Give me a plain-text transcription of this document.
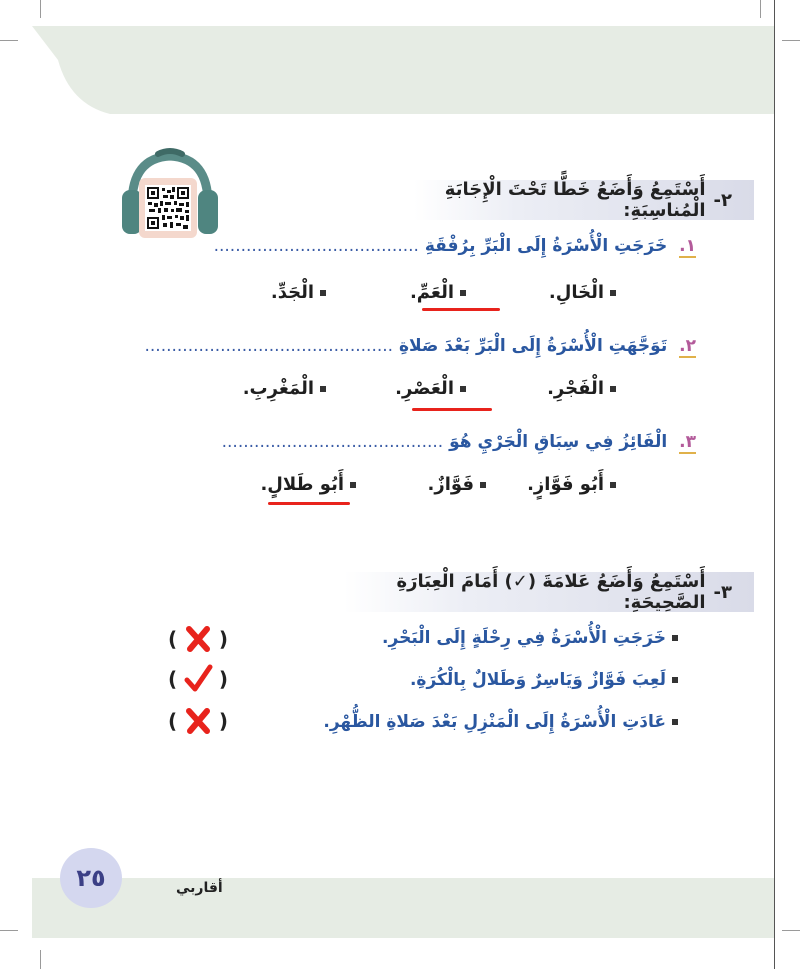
٢٥	أقاربي
٢-
أَسْتَمِعُ وَأَضَعُ خَطًّا تَحْتَ الْإِجَابَةِ الْمُناسِبَةِ:
١. خَرَجَتِ الْأُسْرَةُ إِلَى الْبَرِّ بِرُفْقَةِ ......................................
الْخَالِ.
الْعَمِّ.
الْجَدِّ.
٢. تَوَجَّهَتِ الْأُسْرَةُ إِلَى الْبَرِّ بَعْدَ صَلاةِ ..............................................
الْفَجْرِ.
الْعَصْرِ.
الْمَغْرِبِ.
٣. الْفَائِزُ فِي سِبَاقِ الْجَرْيِ هُوَ .........................................
أَبُو فَوَّازٍ.
فَوَّازٌ.
أَبُو طَلالٍ.
٣-
أَسْتَمِعُ وَأَضَعُ عَلامَةَ (✓) أَمَامَ الْعِبَارَةِ الصَّحِيحَةِ:
خَرَجَتِ الْأُسْرَةُ فِي رِحْلَةٍ إِلَى الْبَحْرِ.
( )
لَعِبَ فَوَّازٌ وَيَاسِرٌ وَطَلالٌ بِالْكُرَةِ.
( )
عَادَتِ الْأُسْرَةُ إِلَى الْمَنْزِلِ بَعْدَ صَلاةِ الظُّهْرِ.
( )
